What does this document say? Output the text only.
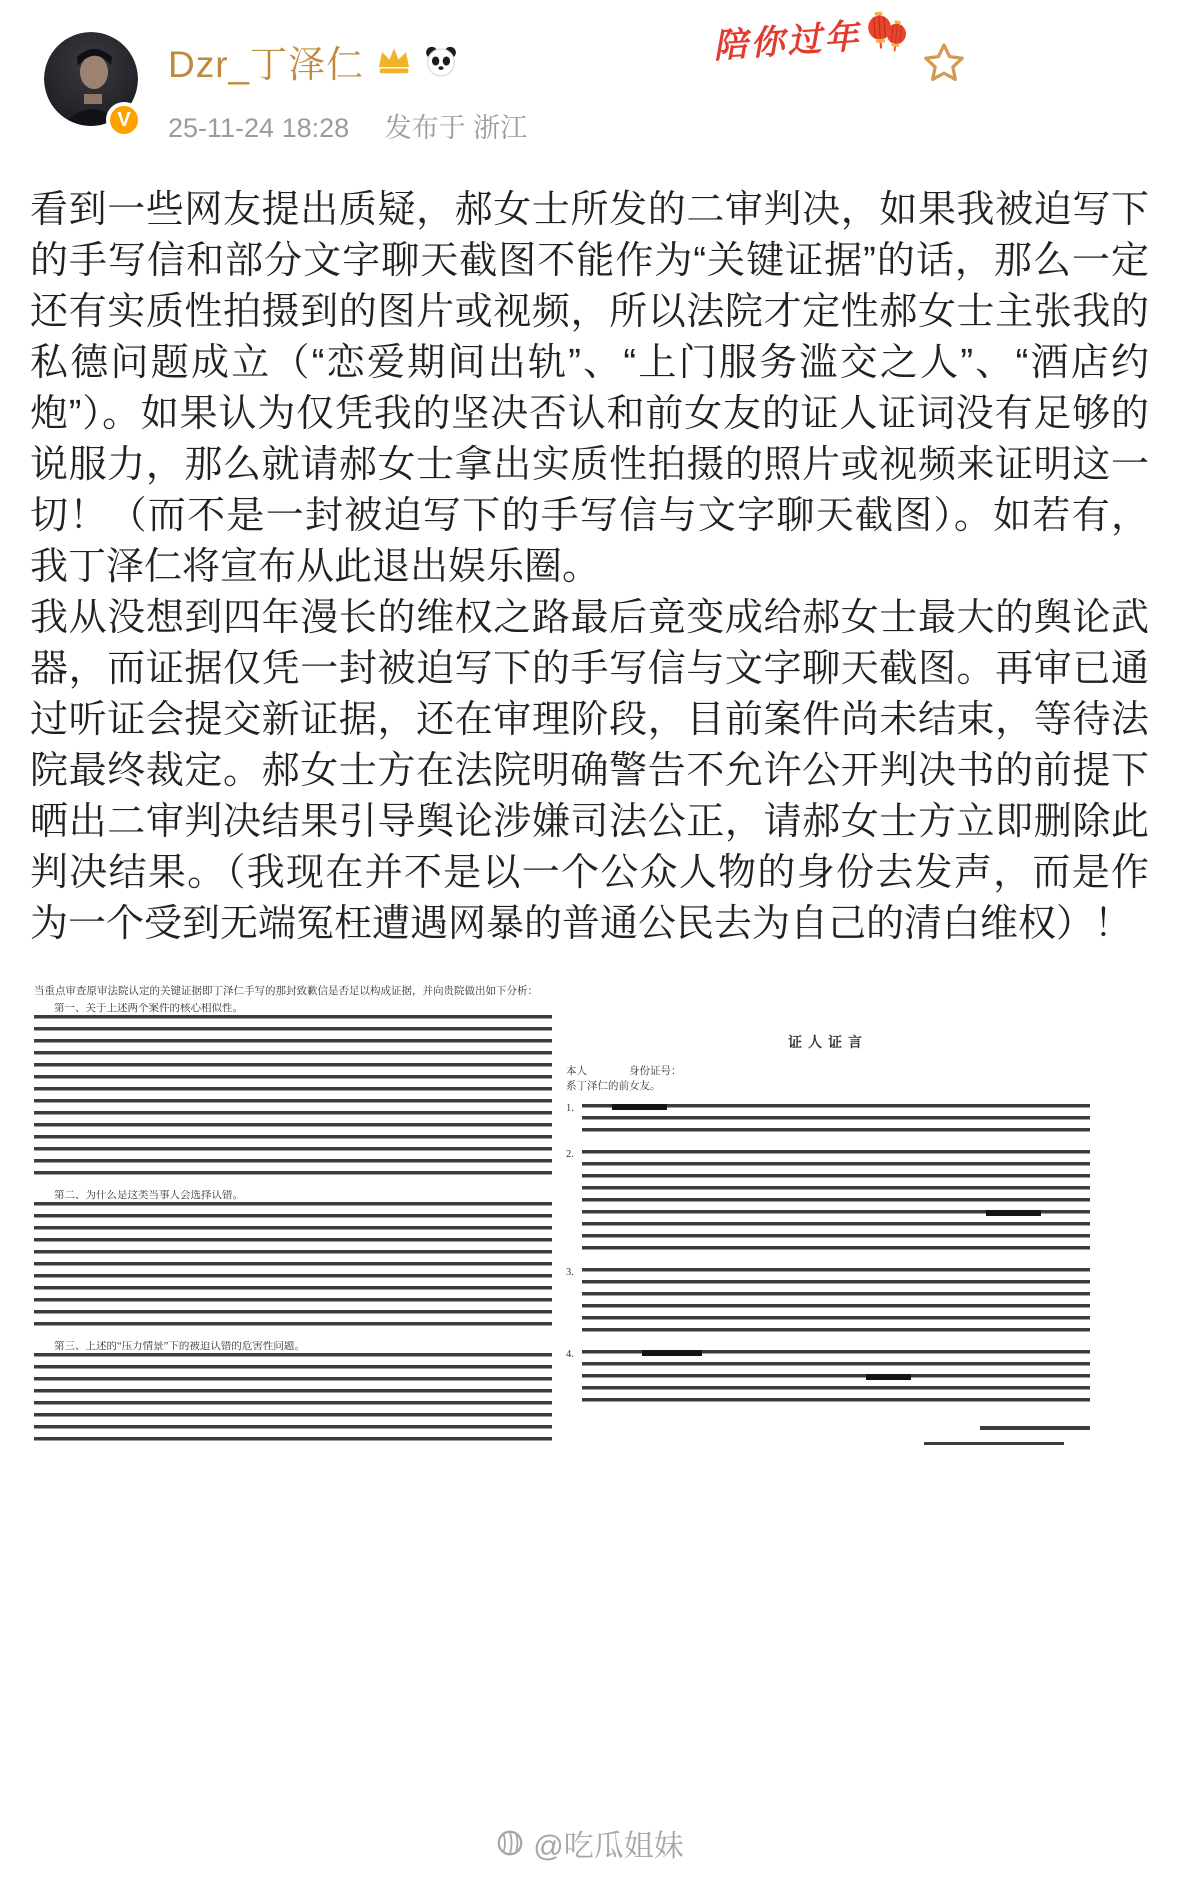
V
Dzr_丁泽仁
25-11-24 18:28 发布于 浙江
陪你过年

看到一些网友提出质疑，郝女士所发的二审判决，如果我被迫写下的手写信和部分文字聊天截图不能作为“关键证据”的话，那么一定还有实质性拍摄到的图片或视频，所以法院才定性郝女士主张我的私德问题成立（“恋爱期间出轨”、“上门服务滥交之人”、“酒店约炮”）。如果认为仅凭我的坚决否认和前女友的证人证词没有足够的说服力，那么就请郝女士拿出实质性拍摄的照片或视频来证明这一切！（而不是一封被迫写下的手写信与文字聊天截图）。如若有，我丁泽仁将宣布从此退出娱乐圈。

我从没想到四年漫长的维权之路最后竟变成给郝女士最大的舆论武器，而证据仅凭一封被迫写下的手写信与文字聊天截图。再审已通过听证会提交新证据，还在审理阶段，目前案件尚未结束，等待法院最终裁定。郝女士方在法院明确警告不允许公开判决书的前提下晒出二审判决结果引导舆论涉嫌司法公正，请郝女士方立即删除此判决结果。（我现在并不是以一个公众人物的身份去发声，而是作为一个受到无端冤枉遭遇网暴的普通公民去为自己的清白维权）！

当重点审查原审法院认定的关键证据即丁泽仁手写的那封致歉信是否足以构成证据，并向贵院做出如下分析：
第一、关于上述两个案件的核心相似性。
第二、为什么是这类当事人会选择认错。
第三、上述的“压力情景”下的被迫认错的危害性问题。
证人证言
本人　　　　身份证号：
系丁泽仁的前女友。
1.
2.
3.
4.
@吃瓜姐妹
